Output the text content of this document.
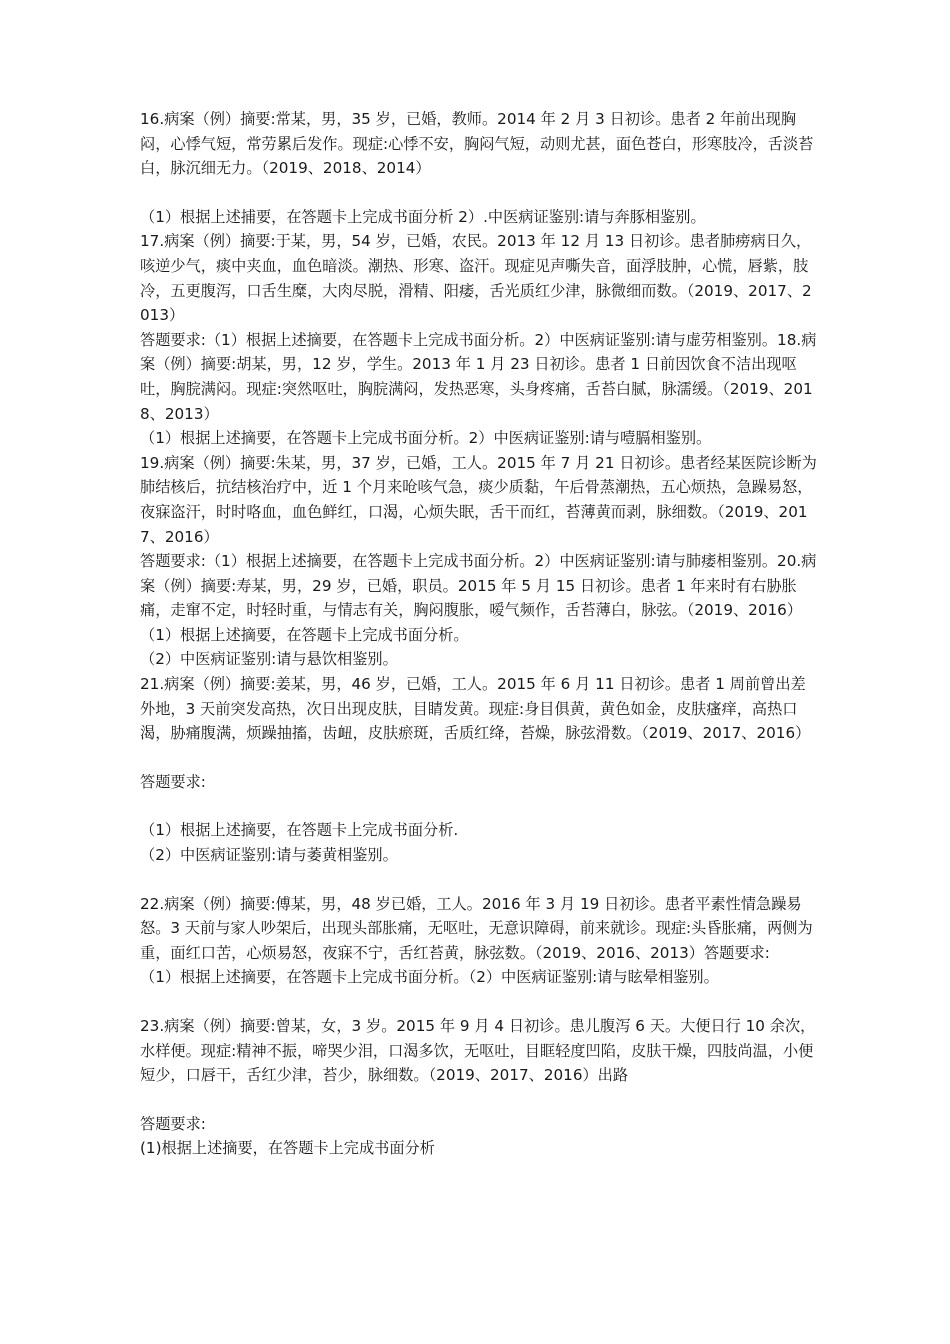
16.病案（例）摘要:常某，男，35 岁，已婚，教师。2014 年 2 月 3 日初诊。患者 2 年前出现胸闷，心悸气短，常劳累后发作。现症:心悸不安，胸闷气短，动则尤甚，面色苍白，形寒肢冷，舌淡苔白，脉沉细无力。（2019、2018、2014）

（1）根据上述捕要，在答题卡上完成书面分析 2）.中医病证鉴别:请与奔豚相鉴别。

17.病案（例）摘要:于某，男，54 岁，已婚，农民。2013 年 12 月 13 日初诊。患者肺痨病日久，咳逆少气，痰中夹血，血色暗淡。潮热、形寒、盗汗。现症见声嘶失音，面浮肢肿，心慌，唇紫，肢冷，五更腹泻，口舌生糜，大肉尽脱，滑精、阳痿，舌光质红少津，脉微细而数。（2019、2017、2013）

答题要求:（1）根据上述摘要，在答题卡上完成书面分析。2）中医病证鉴别:请与虚劳相鉴别。18.病案（例）摘要:胡某，男，12 岁，学生。2013 年 1 月 23 日初诊。患者 1 日前因饮食不洁出现呕吐，胸脘满闷。现症:突然呕吐，胸脘满闷，发热恶寒，头身疼痛，舌苔白腻，脉濡缓。（2019、2018、2013）

（1）根据上述摘要，在答题卡上完成书面分析。2）中医病证鉴别:请与噎膈相鉴别。

19.病案（例）摘要:朱某，男，37 岁，已婚，工人。2015 年 7 月 21 日初诊。患者经某医院诊断为肺结核后，抗结核治疗中，近 1 个月来呛咳气急，痰少质黏，午后骨蒸潮热，五心烦热，急躁易怒，夜寐盗汗，时时咯血，血色鲜红，口渴，心烦失眠，舌干而红，苔薄黄而剥，脉细数。（2019、2017、2016）

答题要求:（1）根据上述摘要，在答题卡上完成书面分析。2）中医病证鉴别:请与肺痿相鉴别。20.病案（例）摘要:寿某，男，29 岁，已婚，职员。2015 年 5 月 15 日初诊。患者 1 年来时有右胁胀痛，走窜不定，时轻时重，与情志有关，胸闷腹胀，嗳气频作，舌苔薄白，脉弦。（2019、2016）（1）根据上述摘要，在答题卡上完成书面分析。

（2）中医病证鉴别:请与悬饮相鉴别。

21.病案（例）摘要:姜某，男，46 岁，已婚，工人。2015 年 6 月 11 日初诊。患者 1 周前曾出差外地，3 天前突发高热，次日出现皮肤，目睛发黄。现症:身目俱黄，黄色如金，皮肤瘙痒，高热口渴，胁痛腹满，烦躁抽搐，齿衄，皮肤瘀斑，舌质红绛，苔燥，脉弦滑数。（2019、2017、2016）

答题要求:

（1）根据上述摘要，在答题卡上完成书面分析.

（2）中医病证鉴别:请与萎黄相鉴别。

22.病案（例）摘要:傅某，男，48 岁已婚，工人。2016 年 3 月 19 日初诊。患者平素性情急躁易怒。3 天前与家人吵架后，出现头部胀痛，无呕吐，无意识障碍，前来就诊。现症:头昏胀痛，两侧为重，面红口苦，心烦易怒，夜寐不宁，舌红苔黄，脉弦数。（2019、2016、2013）答题要求:

（1）根据上述摘要，在答题卡上完成书面分析。（2）中医病证鉴别:请与眩晕相鉴别。

23.病案（例）摘要:曾某，女，3 岁。2015 年 9 月 4 日初诊。患儿腹泻 6 天。大便日行 10 余次，水样便。现症:精神不振，啼哭少泪，口渴多饮，无呕吐，目眶轻度凹陷，皮肤干燥，四肢尚温，小便短少，口唇干，舌红少津，苔少，脉细数。（2019、2017、2016）出路

答题要求:

(1)根据上述摘要，在答题卡上完成书面分析
